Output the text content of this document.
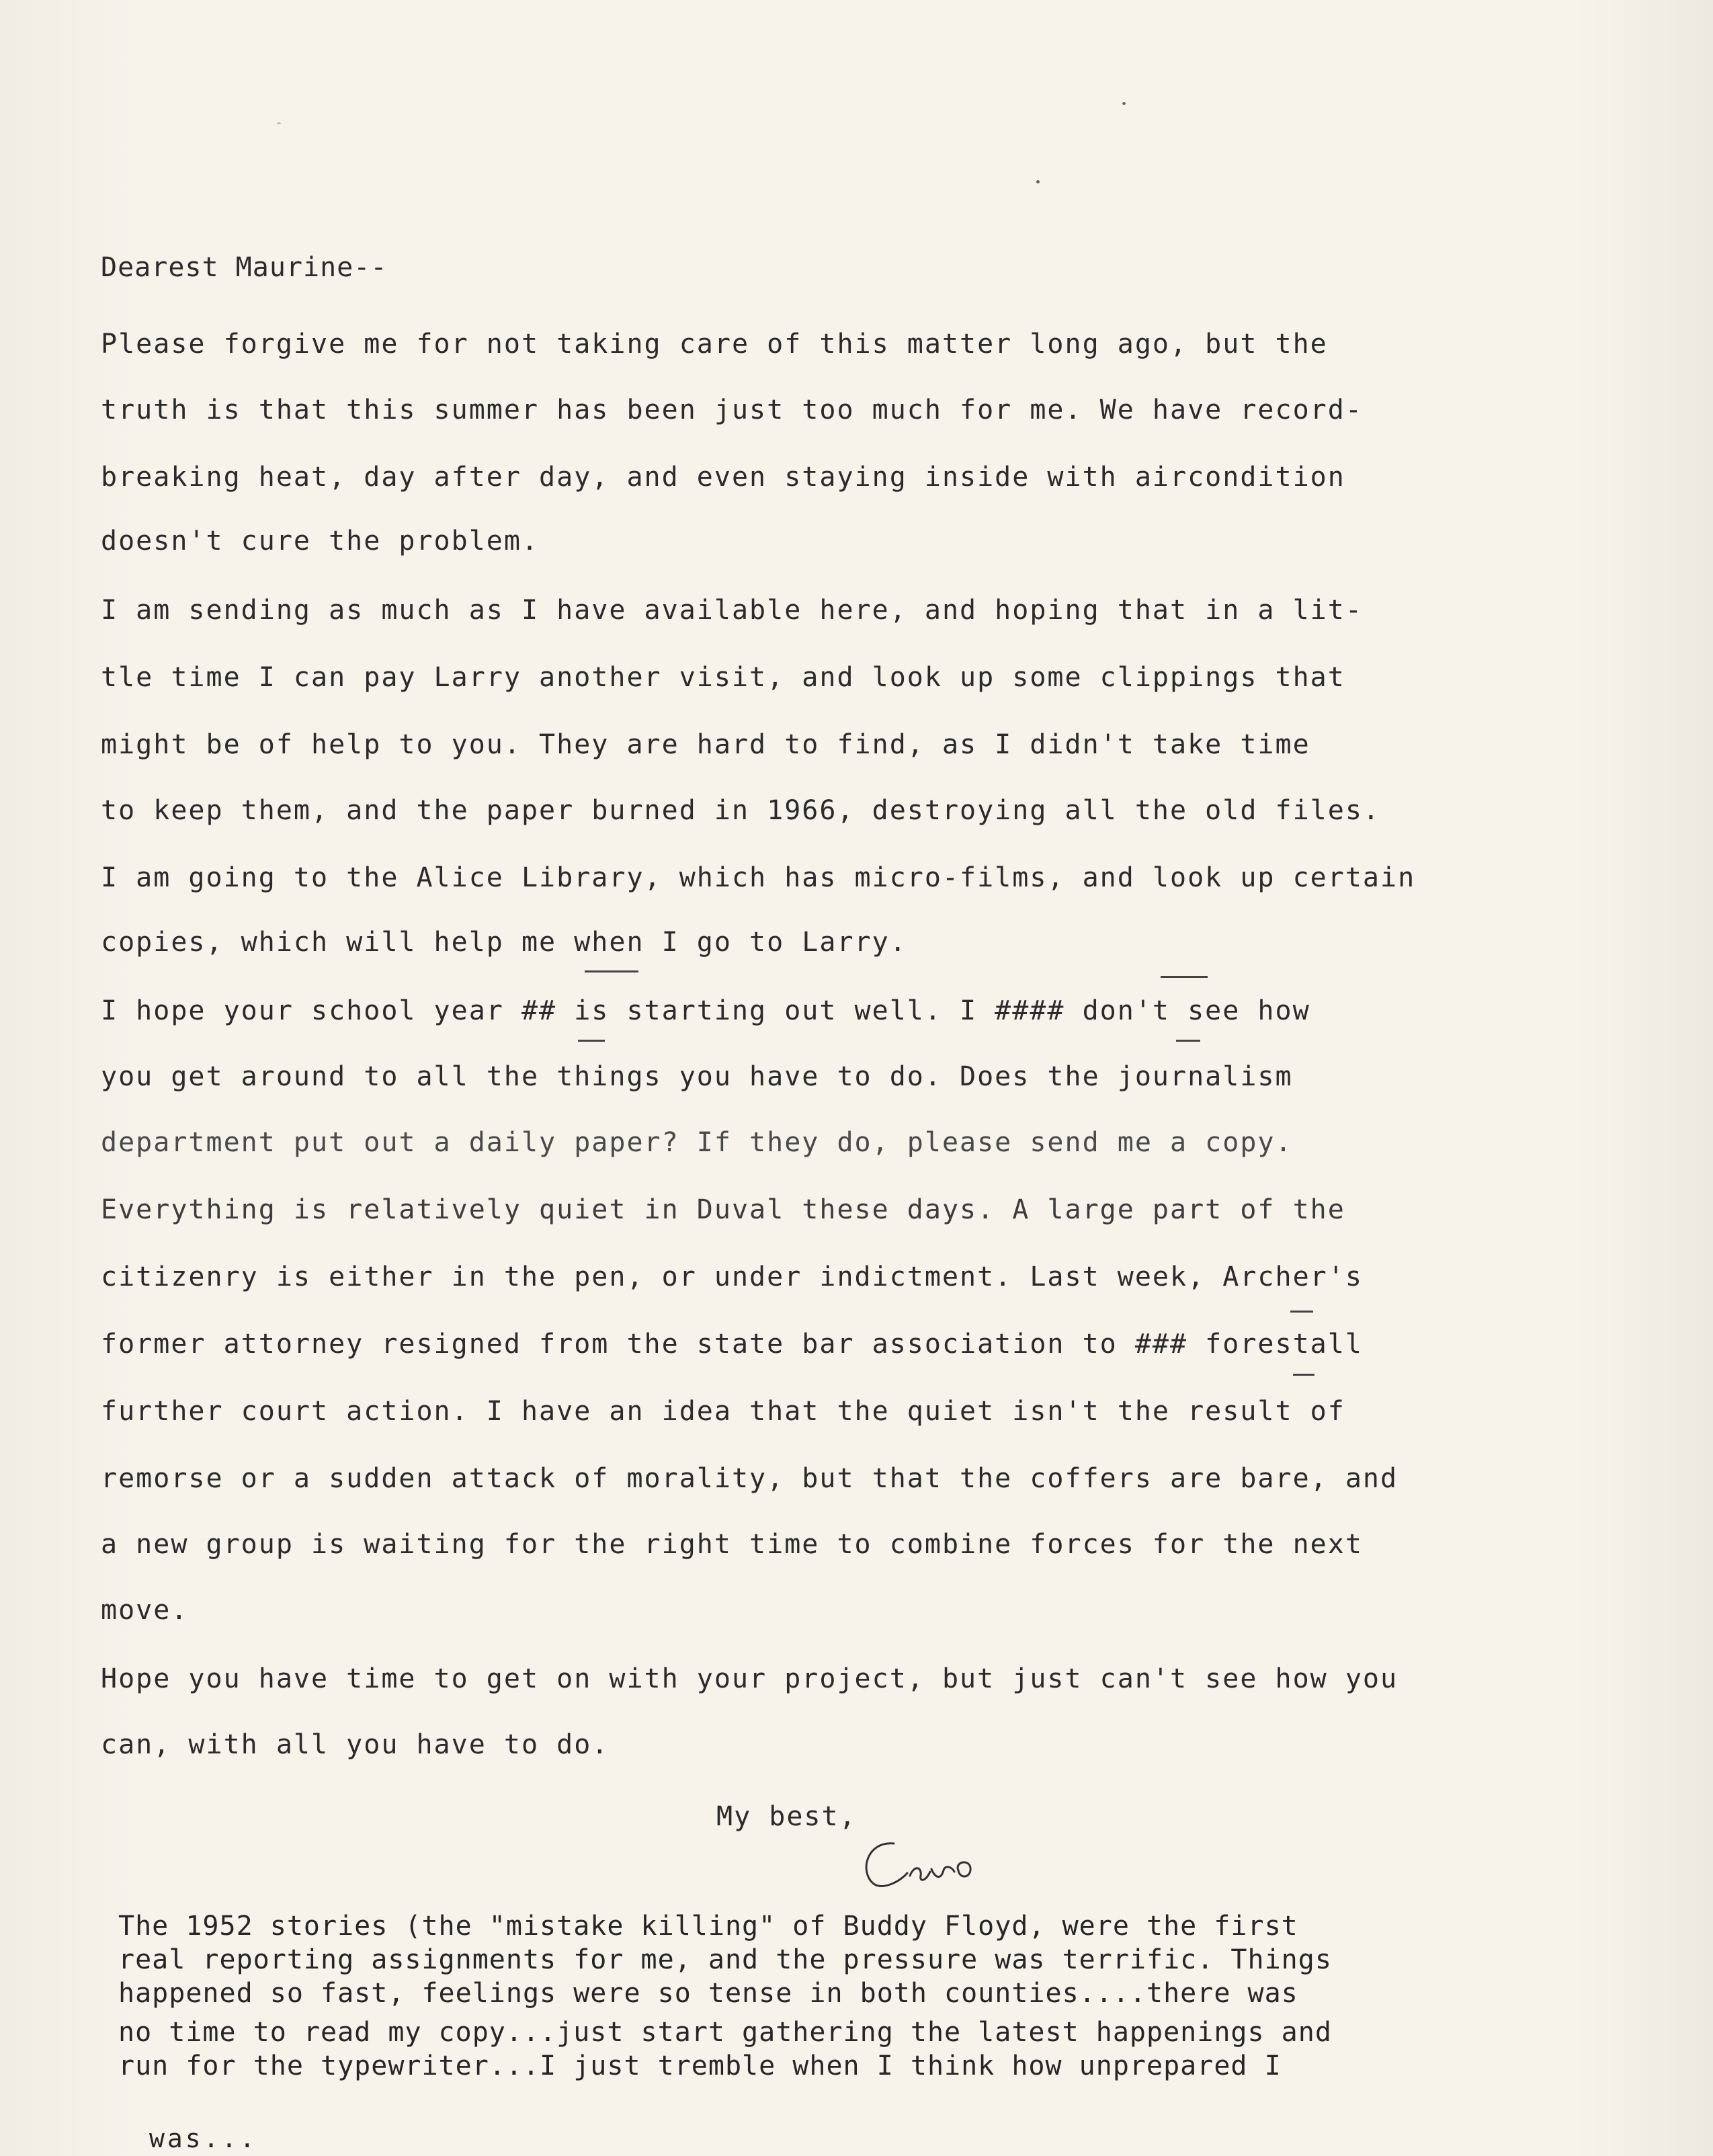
Dearest Maurine--
Please forgive me for not taking care of this matter long ago, but the
truth is that this summer has been just too much for me. We have record-
breaking heat, day after day, and even staying inside with aircondition
doesn't cure the problem.
I am sending as much as I have available here, and hoping that in a lit-
tle time I can pay Larry another visit, and look up some clippings that
might be of help to you. They are hard to find, as I didn't take time
to keep them, and the paper burned in 1966, destroying all the old files.
I am going to the Alice Library, which has micro-films, and look up certain
copies, which will help me when I go to Larry.
I hope your school year ## is starting out well. I #### don't see how
you get around to all the things you have to do. Does the journalism
department put out a daily paper? If they do, please send me a copy.
Everything is relatively quiet in Duval these days. A large part of the
citizenry is either in the pen, or under indictment. Last week, Archer's
former attorney resigned from the state bar association to ### forestall
further court action. I have an idea that the quiet isn't the result of
remorse or a sudden attack of morality, but that the coffers are bare, and
a new group is waiting for the right time to combine forces for the next
move.
Hope you have time to get on with your project, but just can't see how you
can, with all you have to do.
My best,
The 1952 stories (the "mistake killing" of Buddy Floyd, were the first
real reporting assignments for me, and the pressure was terrific. Things
happened so fast, feelings were so tense in both counties....there was
no time to read my copy...just start gathering the latest happenings and
run for the typewriter...I just tremble when I think how unprepared I
was...
